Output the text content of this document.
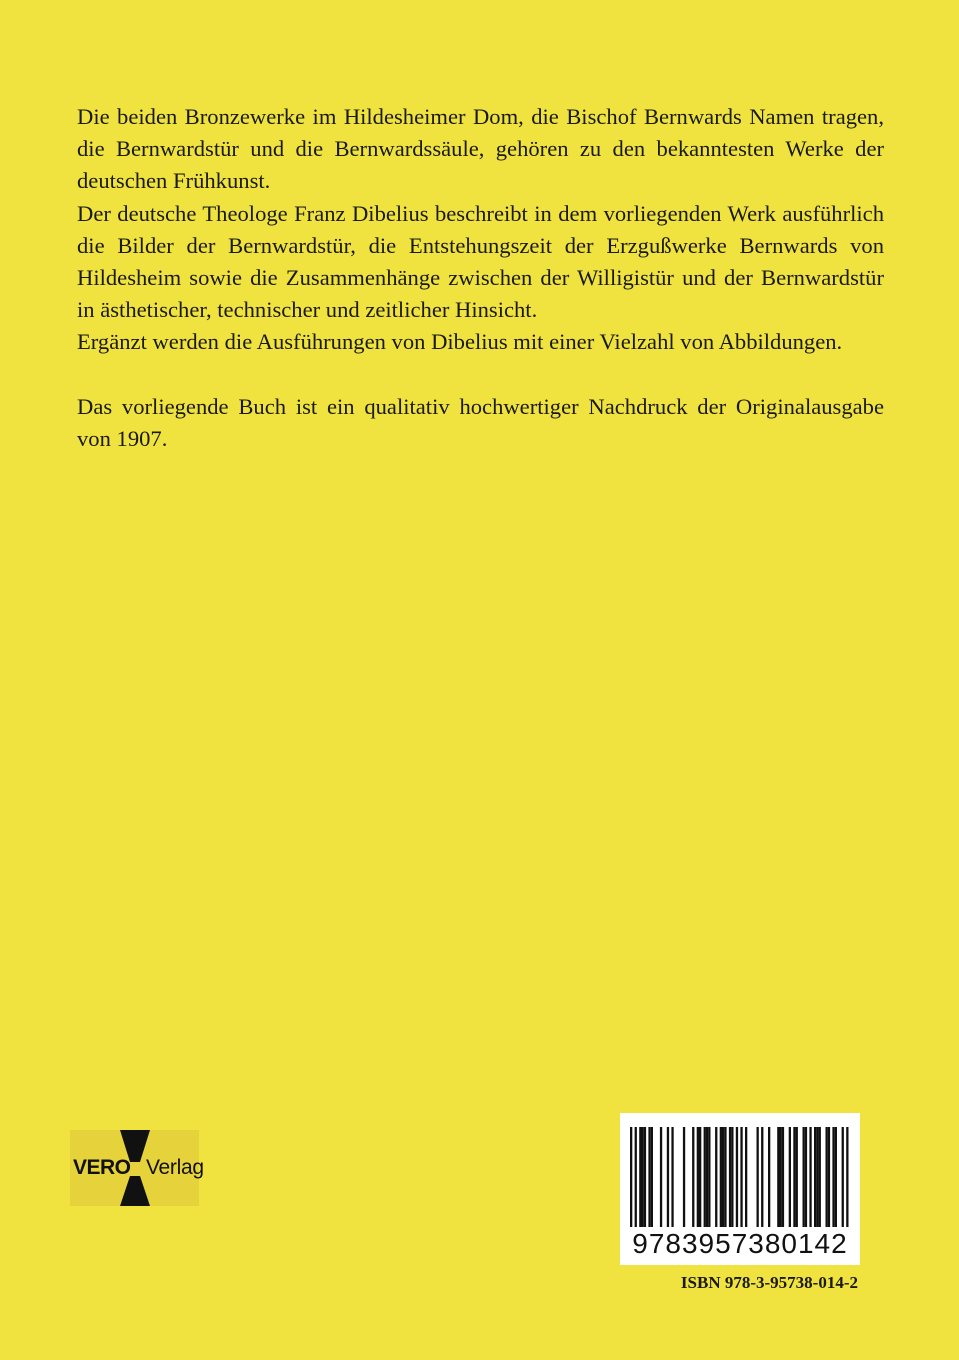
Die beiden Bronzewerke im Hildesheimer Dom, die Bischof Bernwards Namen tragen, die Bernwardstür und die Bernwardssäule, gehören zu den bekanntesten Werke der deutschen Frühkunst.

Der deutsche Theologe Franz Dibelius beschreibt in dem vorliegenden Werk ausführlich die Bilder der Bernwardstür, die Entstehungszeit der Erzgußwerke Bernwards von Hildesheim sowie die Zusammenhänge zwischen der Willigistür und der Bernwardstür in ästhetischer, technischer und zeitlicher Hinsicht.

Ergänzt werden die Ausführungen von Dibelius mit einer Vielzahl von Abbildungen.

Das vorliegende Buch ist ein qualitativ hochwertiger Nachdruck der Originalausgabe von 1907.

VERO Verlag
9783957380142
ISBN 978-3-95738-014-2
